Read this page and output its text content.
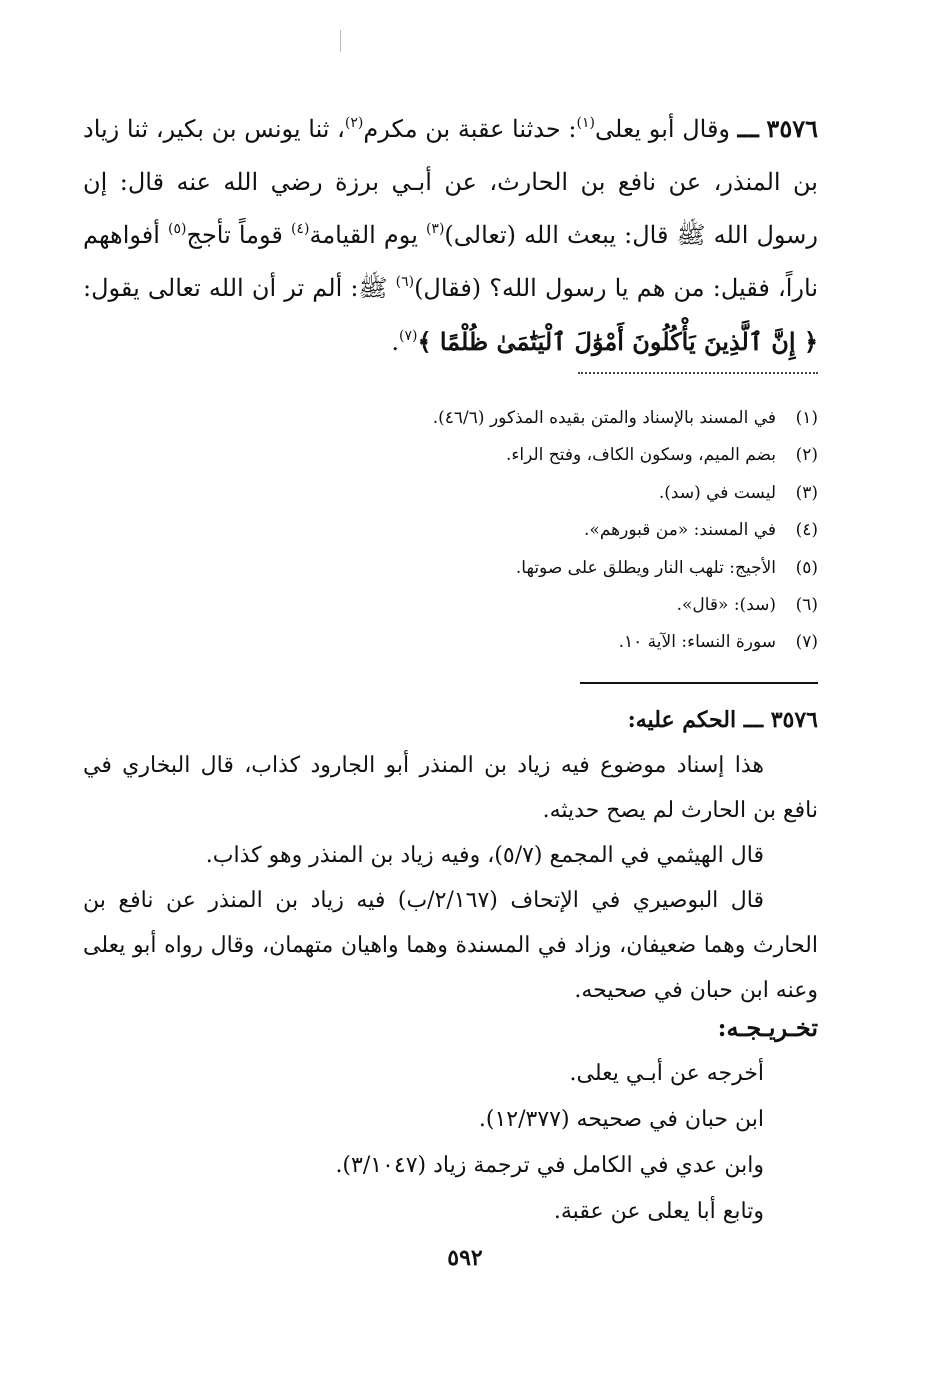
٣٥٧٦ ـــ وقال أبو يعلى$^{(١)}$: حدثنا عقبة بن مكرم$^{(٢)}$، ثنا يونس بن بكير، ثنا زياد بن المنذر، عن نافع بن الحارث، عن أبـي برزة رضي الله عنه قال: إن رسول الله ﷺ قال: يبعث الله (تعالى)$^{(٣)}$ يوم القيامة$^{(٤)}$ قوماً تأجج$^{(٥)}$ أفواههم ناراً، فقيل: من هم يا رسول الله؟ (فقال)$^{(٦)}$ ﷺ: ألم تر أن الله تعالى يقول: ﴿ إِنَّ ٱلَّذِينَ يَأْكُلُونَ أَمْوَٰلَ ٱلْيَتَٰمَىٰ ظُلْمًا ﴾$^{(٧)}$.

(١)في المسند بالإسناد والمتن بقيده المذكور (٤٦/٦).
(٢)بضم الميم، وسكون الكاف، وفتح الراء.
(٣)ليست في (سد).
(٤)في المسند: «من قبورهم».
(٥)الأجيج: تلهب النار ويطلق على صوتها.
(٦)(سد): «قال».
(٧)سورة النساء: الآية ١٠.

٣٥٧٦ ـــ الحكم عليه:

هذا إسناد موضوع فيه زياد بن المنذر أبو الجارود كذاب، قال البخاري في نافع بن الحارث لم يصح حديثه.

قال الهيثمي في المجمع (٥/٧)، وفيه زياد بن المنذر وهو كذاب.

قال البوصيري في الإتحاف (٢/١٦٧/ب) فيه زياد بن المنذر عن نافع بن الحارث وهما ضعيفان، وزاد في المسندة وهما واهيان متهمان، وقال رواه أبو يعلى وعنه ابن حبان في صحيحه.

تخـريـجـه:

أخرجه عن أبـي يعلى.

ابن حبان في صحيحه (١٢/٣٧٧).

وابن عدي في الكامل في ترجمة زياد (٣/١٠٤٧).

وتابع أبا يعلى عن عقبة.

٥٩٢
